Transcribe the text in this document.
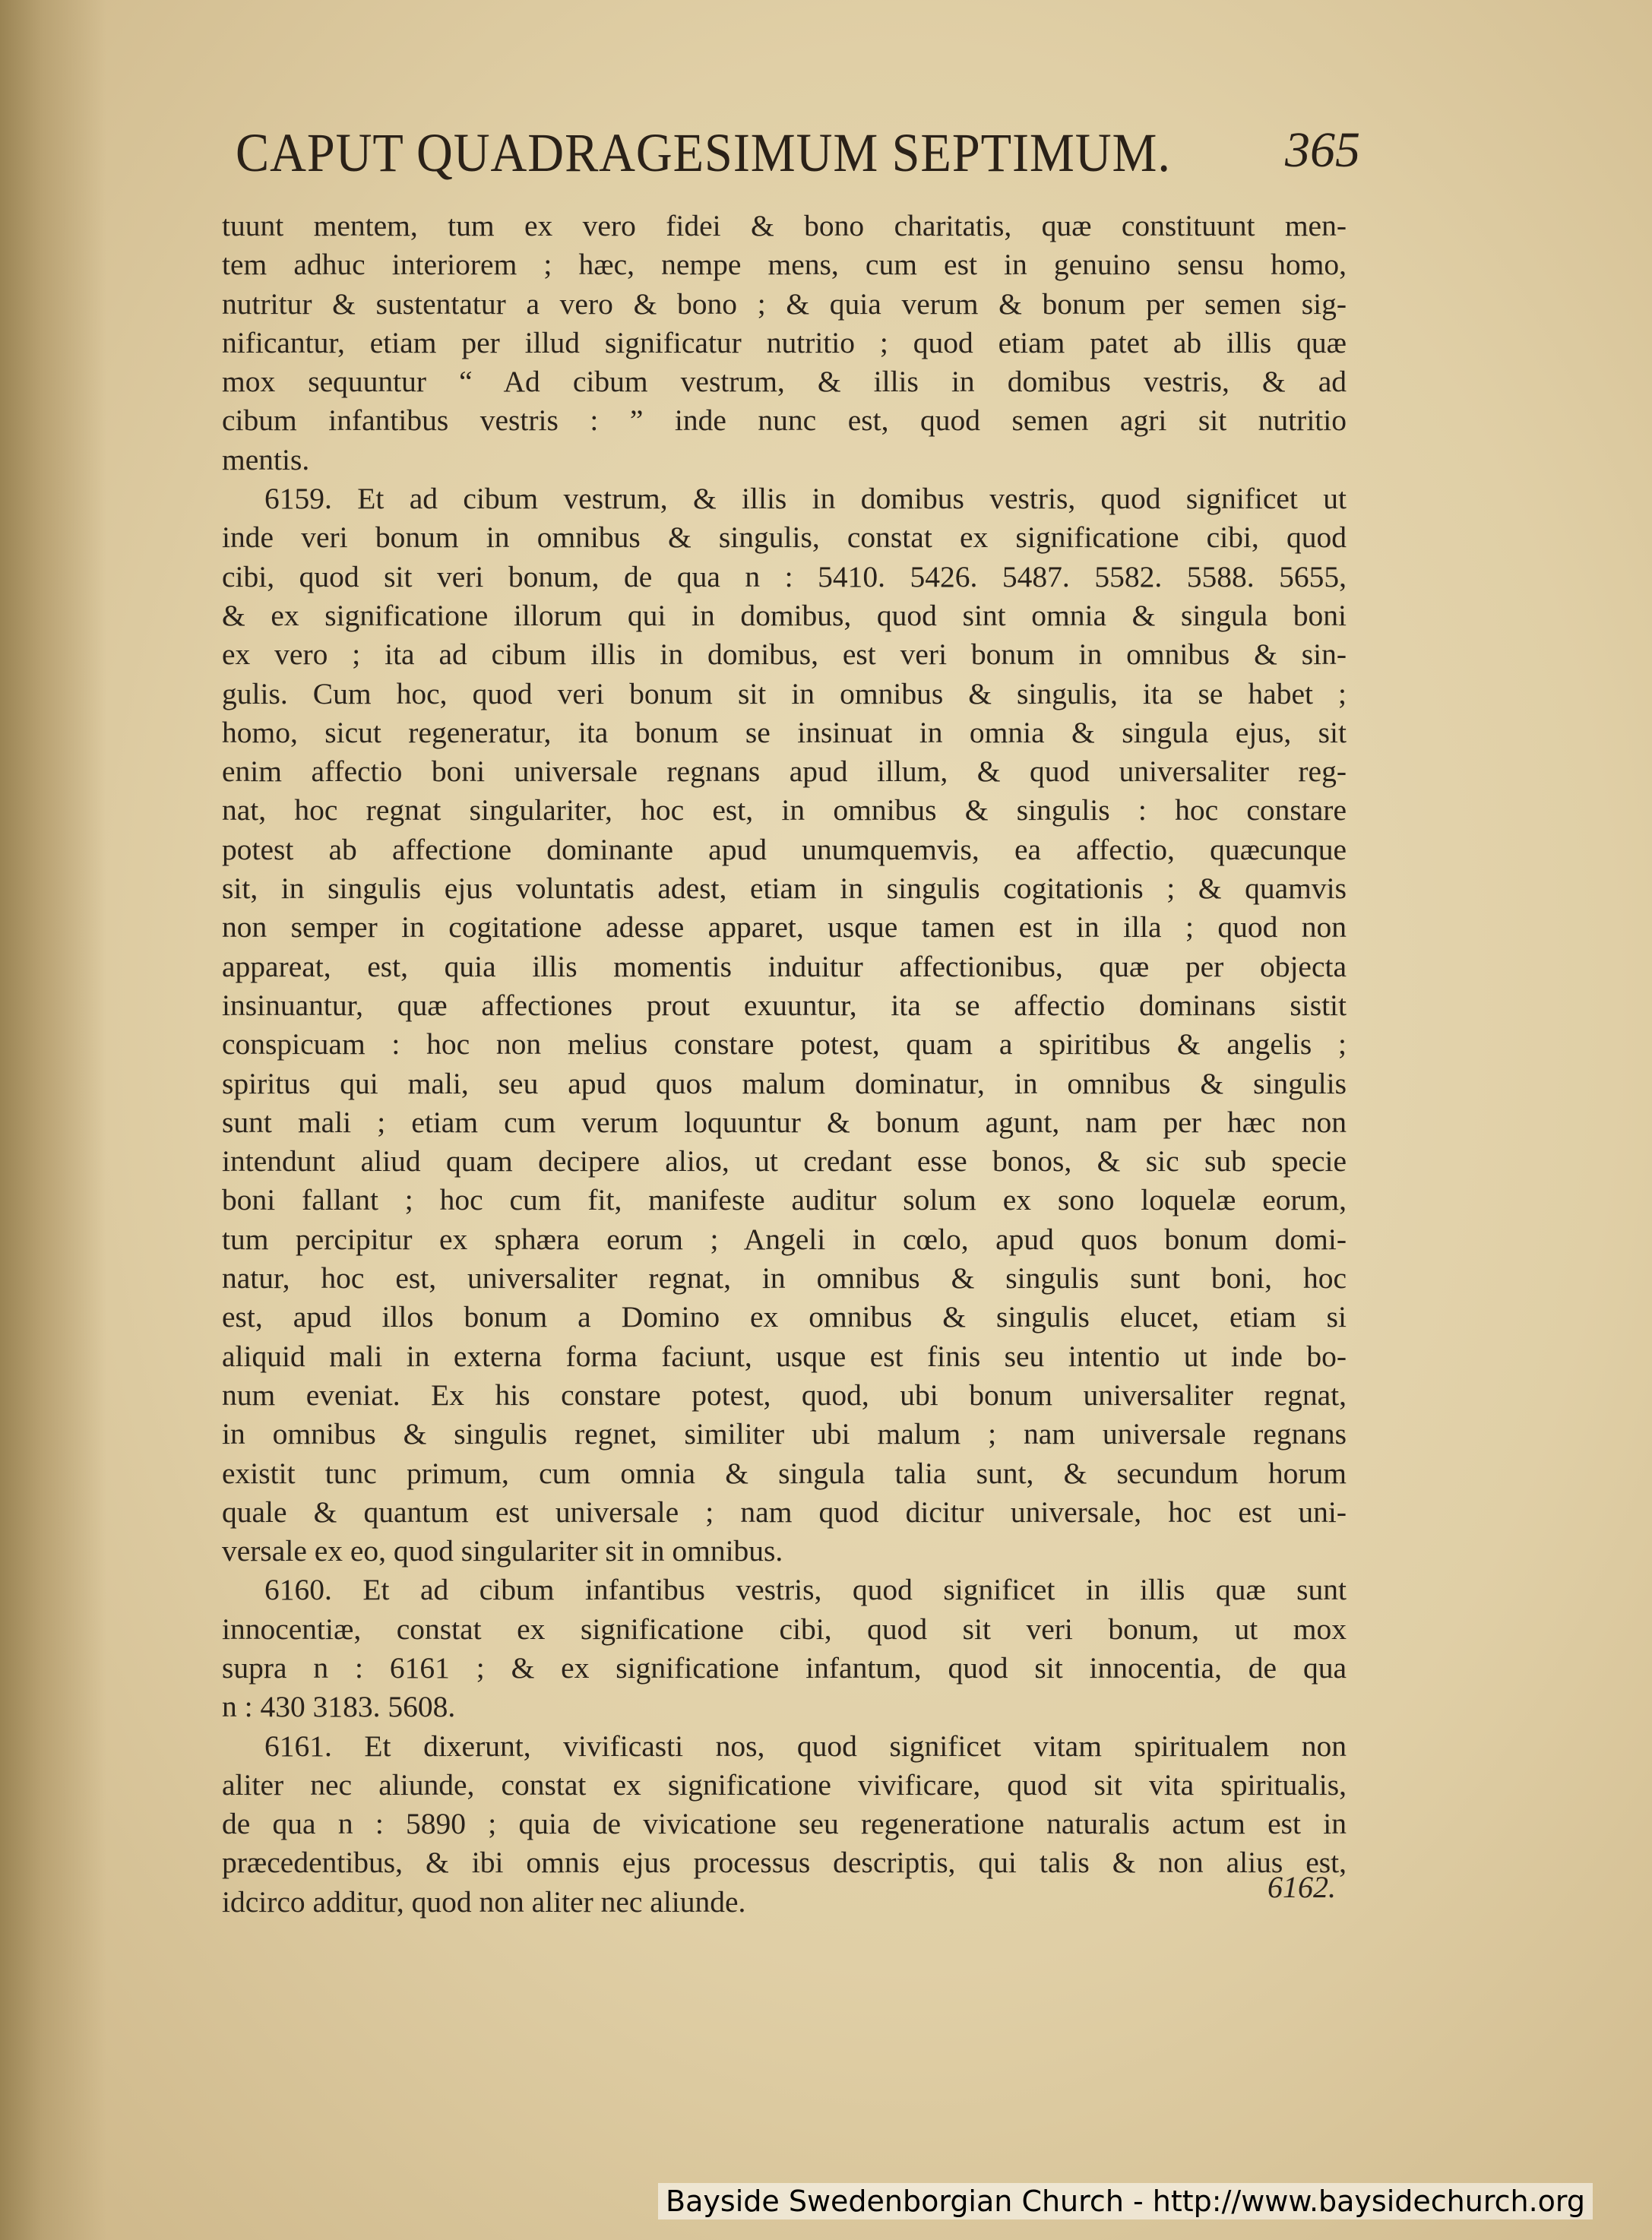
CAPUT QUADRAGESIMUM SEPTIMUM. 365
tuunt mentem, tum ex vero fidei & bono charitatis, quæ constituunt men-
tem adhuc interiorem ; hæc, nempe mens, cum est in genuino sensu homo,
nutritur & sustentatur a vero & bono ; & quia verum & bonum per semen sig-
nificantur, etiam per illud significatur nutritio ; quod etiam patet ab illis quæ
mox sequuntur “ Ad cibum vestrum, & illis in domibus vestris, & ad
cibum infantibus vestris : ” inde nunc est, quod semen agri sit nutritio
mentis.
6159. Et ad cibum vestrum, & illis in domibus vestris, quod significet ut
inde veri bonum in omnibus & singulis, constat ex significatione cibi, quod
cibi, quod sit veri bonum, de qua n : 5410. 5426. 5487. 5582. 5588. 5655,
& ex significatione illorum qui in domibus, quod sint omnia & singula boni
ex vero ; ita ad cibum illis in domibus, est veri bonum in omnibus & sin-
gulis. Cum hoc, quod veri bonum sit in omnibus & singulis, ita se habet ;
homo, sicut regeneratur, ita bonum se insinuat in omnia & singula ejus, sit
enim affectio boni universale regnans apud illum, & quod universaliter reg-
nat, hoc regnat singulariter, hoc est, in omnibus & singulis : hoc constare
potest ab affectione dominante apud unumquemvis, ea affectio, quæcunque
sit, in singulis ejus voluntatis adest, etiam in singulis cogitationis ; & quamvis
non semper in cogitatione adesse apparet, usque tamen est in illa ; quod non
appareat, est, quia illis momentis induitur affectionibus, quæ per objecta
insinuantur, quæ affectiones prout exuuntur, ita se affectio dominans sistit
conspicuam : hoc non melius constare potest, quam a spiritibus & angelis ;
spiritus qui mali, seu apud quos malum dominatur, in omnibus & singulis
sunt mali ; etiam cum verum loquuntur & bonum agunt, nam per hæc non
intendunt aliud quam decipere alios, ut credant esse bonos, & sic sub specie
boni fallant ; hoc cum fit, manifeste auditur solum ex sono loquelæ eorum,
tum percipitur ex sphæra eorum ; Angeli in cœlo, apud quos bonum domi-
natur, hoc est, universaliter regnat, in omnibus & singulis sunt boni, hoc
est, apud illos bonum a Domino ex omnibus & singulis elucet, etiam si
aliquid mali in externa forma faciunt, usque est finis seu intentio ut inde bo-
num eveniat. Ex his constare potest, quod, ubi bonum universaliter regnat,
in omnibus & singulis regnet, similiter ubi malum ; nam universale regnans
existit tunc primum, cum omnia & singula talia sunt, & secundum horum
quale & quantum est universale ; nam quod dicitur universale, hoc est uni-
versale ex eo, quod singulariter sit in omnibus.
6160. Et ad cibum infantibus vestris, quod significet in illis quæ sunt
innocentiæ, constat ex significatione cibi, quod sit veri bonum, ut mox
supra n : 6161 ; & ex significatione infantum, quod sit innocentia, de qua
n : 430 3183. 5608.
6161. Et dixerunt, vivificasti nos, quod significet vitam spiritualem non
aliter nec aliunde, constat ex significatione vivificare, quod sit vita spiritualis,
de qua n : 5890 ; quia de vivicatione seu regeneratione naturalis actum est in
præcedentibus, & ibi omnis ejus processus descriptis, qui talis & non alius est,
idcirco additur, quod non aliter nec aliunde.	6162.
Bayside Swedenborgian Church - http://www.baysidechurch.org
